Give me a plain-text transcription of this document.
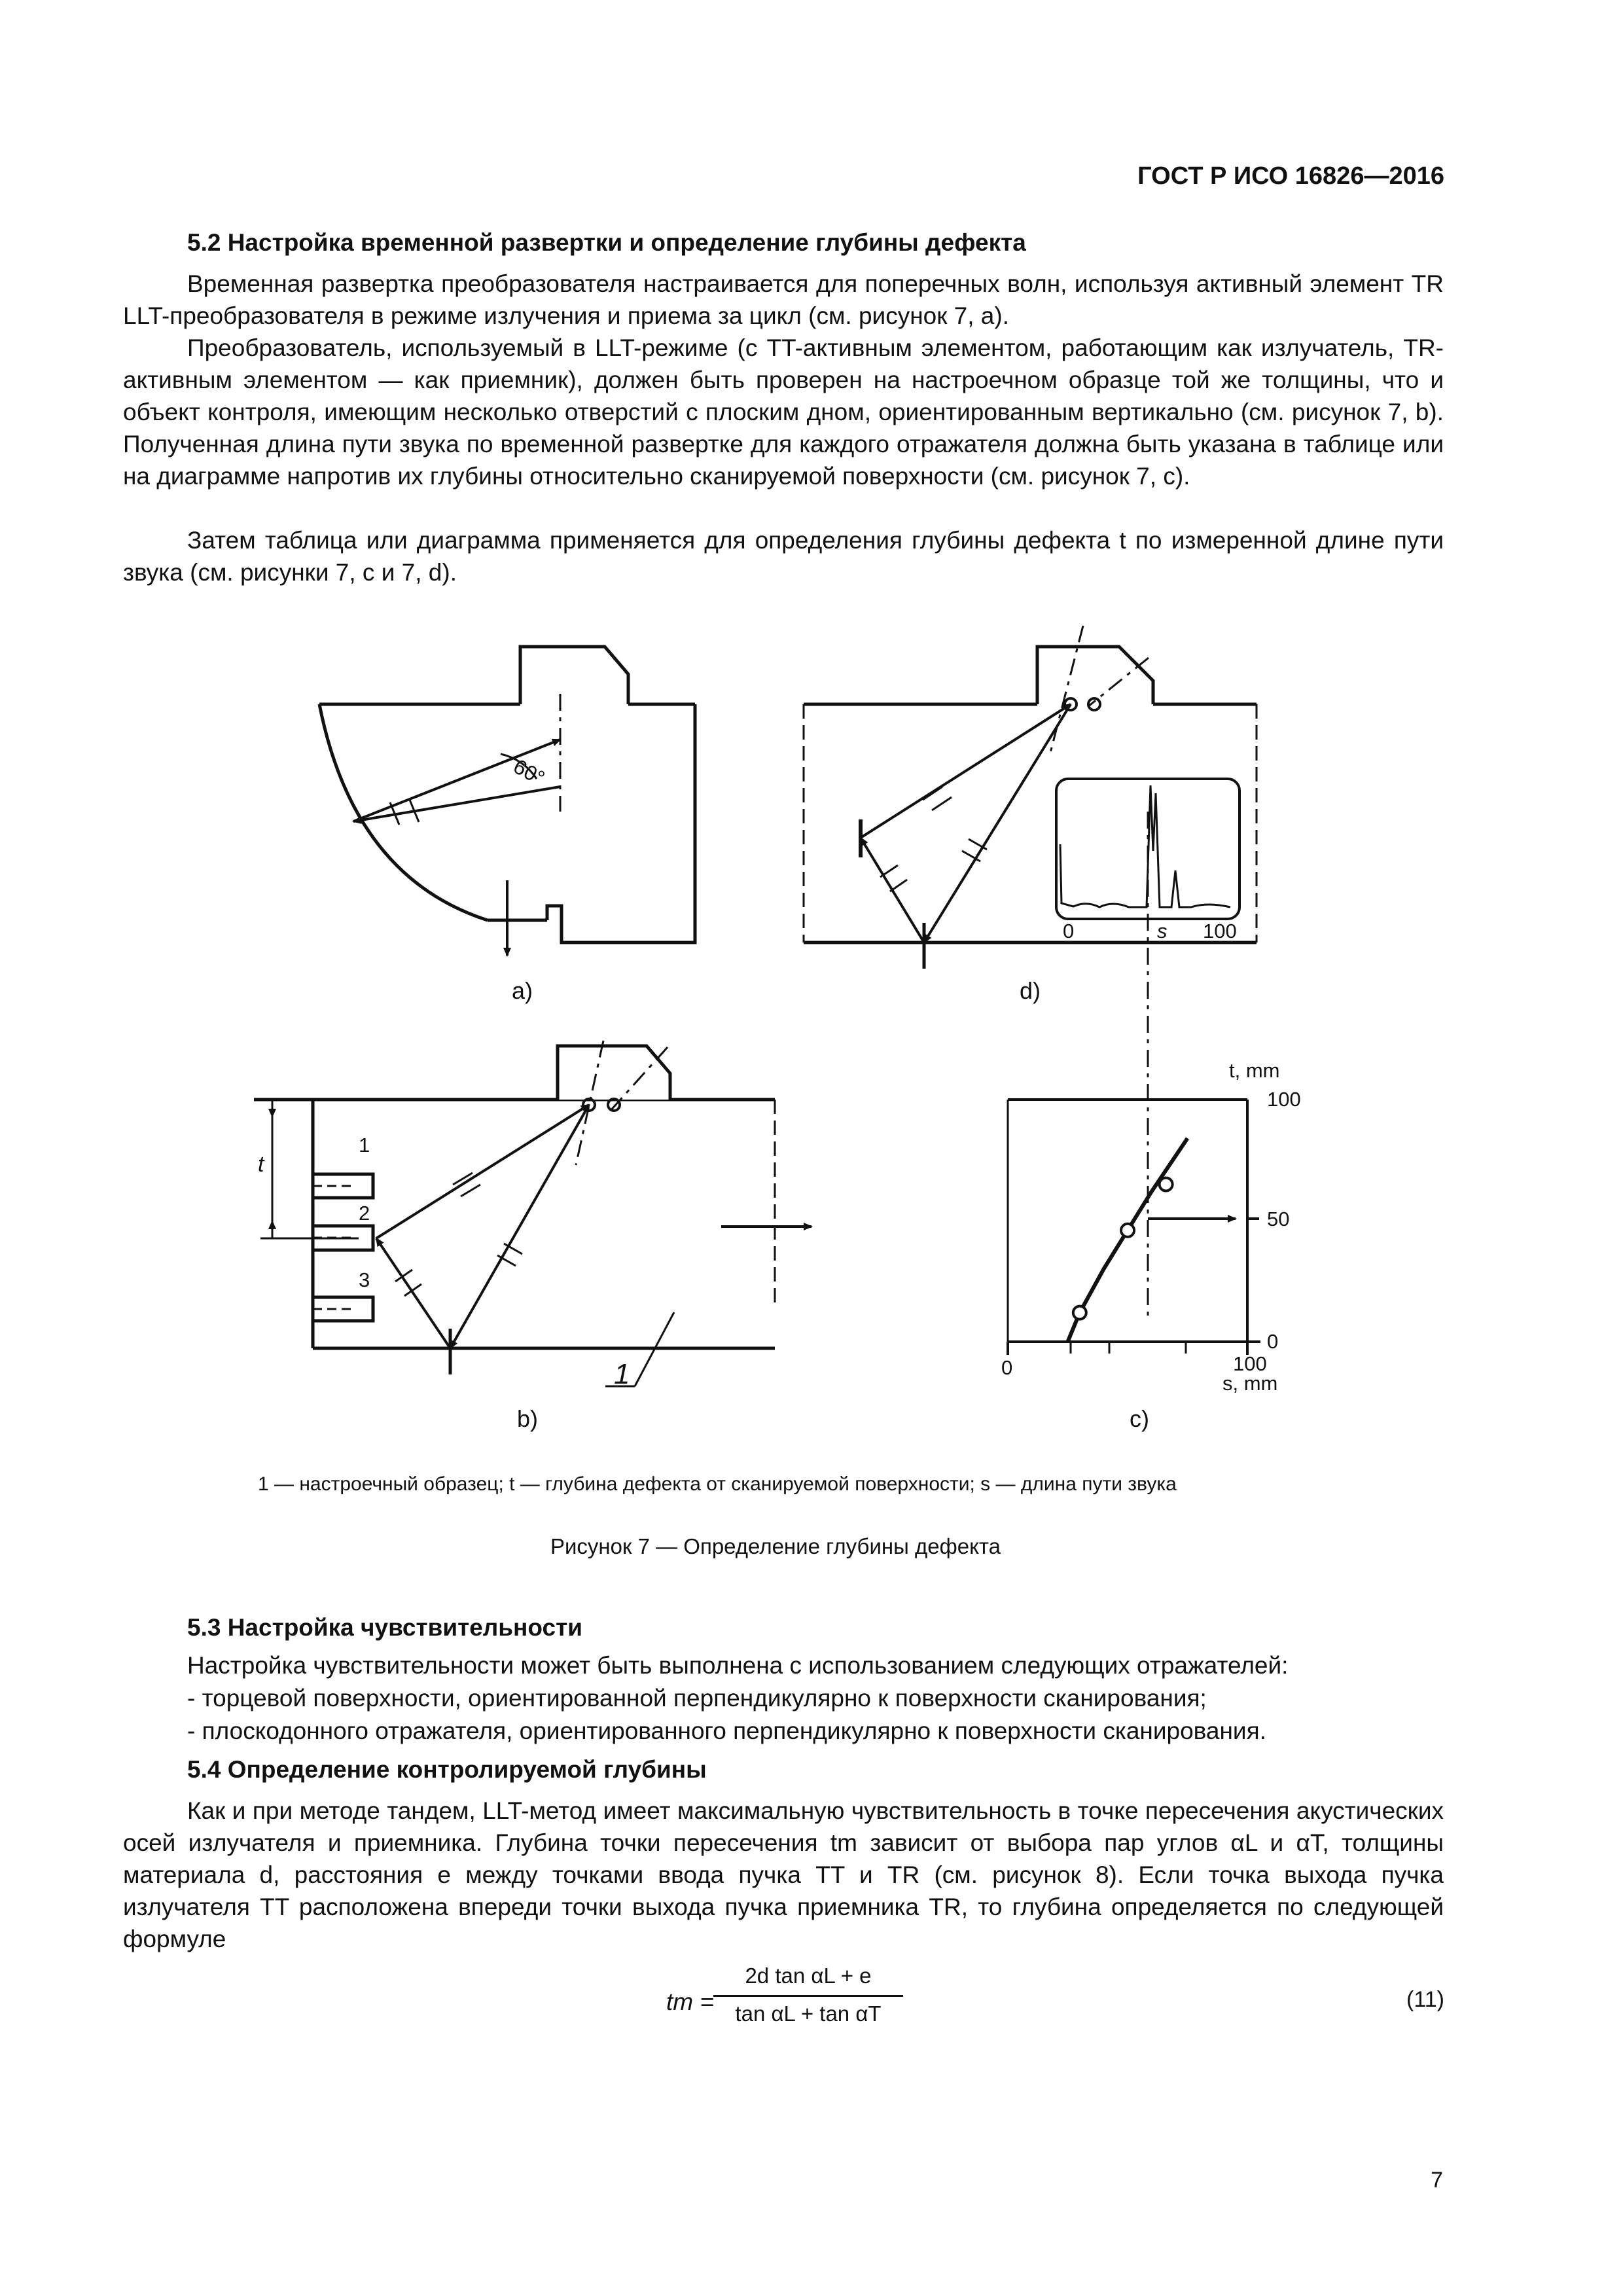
ГОСТ Р ИСО 16826—2016
5.2 Настройка временной развертки и определение глубины дефекта
Временная развертка преобразователя настраивается для поперечных волн, используя активный элемент TR LLT-преобразователя в режиме излучения и приема за цикл (см. рисунок 7, a).
Преобразователь, используемый в LLT-режиме (с TT-активным элементом, работающим как излучатель, TR-активным элементом — как приемник), должен быть проверен на настроечном образце той же толщины, что и объект контроля, имеющим несколько отверстий с плоским дном, ориентированным вертикально (см. рисунок 7, b). Полученная длина пути звука по временной развертке для каждого отражателя должна быть указана в таблице или на диаграмме напротив их глубины относительно сканируемой поверхности (см. рисунок 7, c).
Затем таблица или диаграмма применяется для определения глубины дефекта t по измеренной длине пути звука (см. рисунки 7, c и 7, d).
60°
0	s 100
t
1
2
3
1
t, mm
100
50
0
0	100
s, mm
a)	d)
b)	c)
1 — настроечный образец; t — глубина дефекта от сканируемой поверхности; s — длина пути звука
Рисунок 7 — Определение глубины дефекта
5.3 Настройка чувствительности
Настройка чувствительности может быть выполнена с использованием следующих отражателей:
- торцевой поверхности, ориентированной перпендикулярно к поверхности сканирования;
- плоскодонного отражателя, ориентированного перпендикулярно к поверхности сканирования.
5.4 Определение контролируемой глубины
Как и при методе тандем, LLT-метод имеет максимальную чувствительность в точке пересечения акустических осей излучателя и приемника. Глубина точки пересечения tm зависит от выбора пар углов αL и αT, толщины материала d, расстояния e между точками ввода пучка TT и TR (см. рисунок 8). Если точка выхода пучка излучателя TT расположена впереди точки выхода пучка приемника TR, то глубина определяется по следующей формуле
tm =
2d tan αL + e
tan αL + tan αT
(11)
7
